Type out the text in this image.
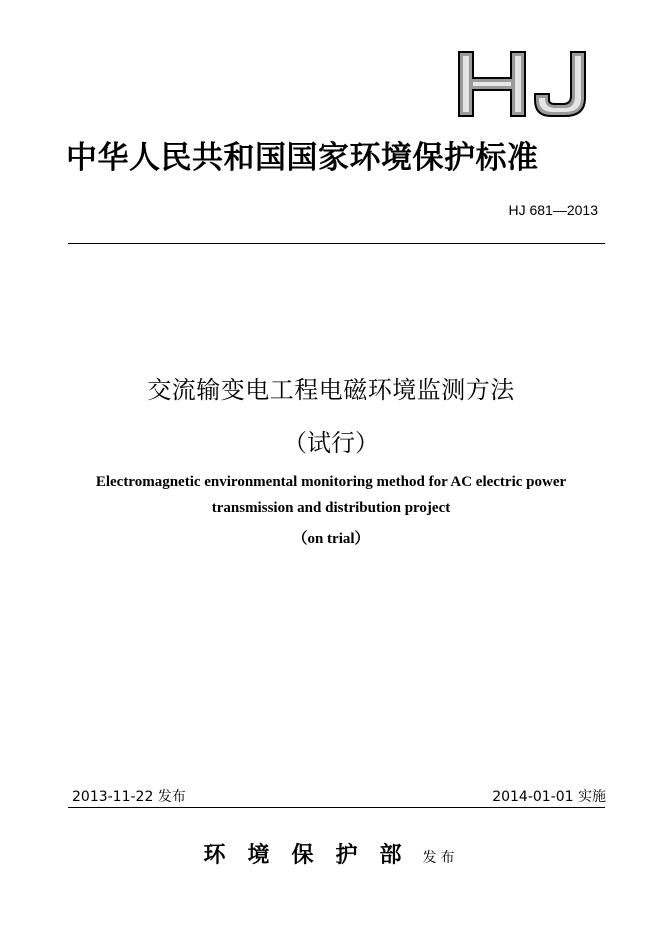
中华人民共和国国家环境保护标准
HJ 681—2013
交流输变电工程电磁环境监测方法
（试行）
Electromagnetic environmental monitoring method for AC electric power
transmission and distribution project
（on trial）
2013-11-22 发布	2014-01-01 实施
环境保护部 发布
